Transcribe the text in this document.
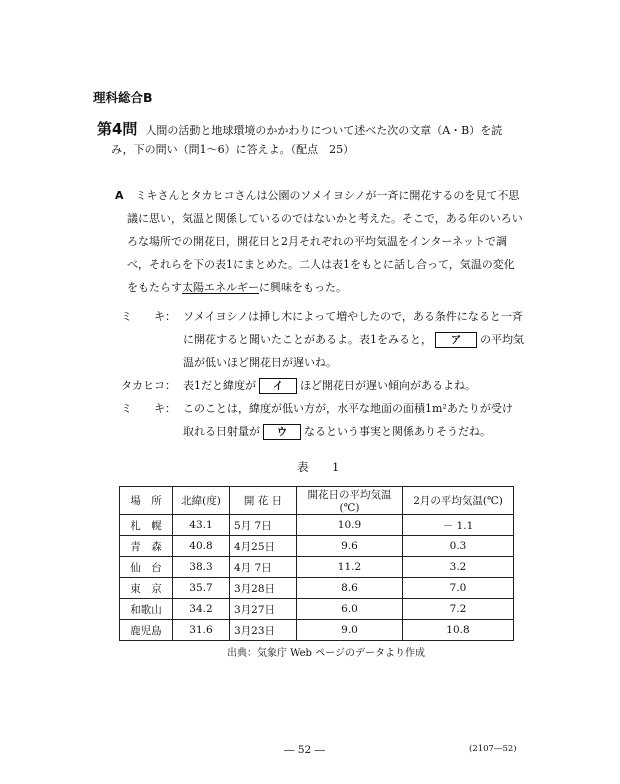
理科総合B
第4問 人間の活動と地球環境のかかわりについて述べた次の文章（A・B）を読
み，下の問い（問1～6）に答えよ。（配点　25）
A ミキさんとタカヒコさんは公園のソメイヨシノが一斉に開花するのを見て不思
議に思い，気温と関係しているのではないかと考えた。そこで，ある年のいろい
ろな場所での開花日，開花日と2月それぞれの平均気温をインターネットで調
べ，それらを下の表1にまとめた。二人は表1をもとに話し合って，気温の変化
をもたらす太陽エネルギーに興味をもった。
ミ　　キ： ソメイヨシノは挿し木によって増やしたので，ある条件になると一斉
に開花すると聞いたことがあるよ。表1をみると， ア の平均気
温が低いほど開花日が遅いね。
タカヒコ： 表1だと緯度が イ ほど開花日が遅い傾向があるよね。
ミ　　キ： このことは，緯度が低い方が，水平な地面の面積1m²あたりが受け
取れる日射量が ウ なるという事実と関係ありそうだね。
表　1
場　所	北緯(度)	開 花 日	開花日の平均気温(℃)	2月の平均気温(℃)
札　幌	43.1	5月 7日	10.9	－ 1.1
青　森	40.8	4月25日	9.6	0.3
仙　台	38.3	4月 7日	11.2	3.2
東　京	35.7	3月28日	8.6	7.0
和歌山	34.2	3月27日	6.0	7.2
鹿児島	31.6	3月23日	9.0	10.8
出典：気象庁 Web ページのデータより作成
― 52 ―	(2107―52)
